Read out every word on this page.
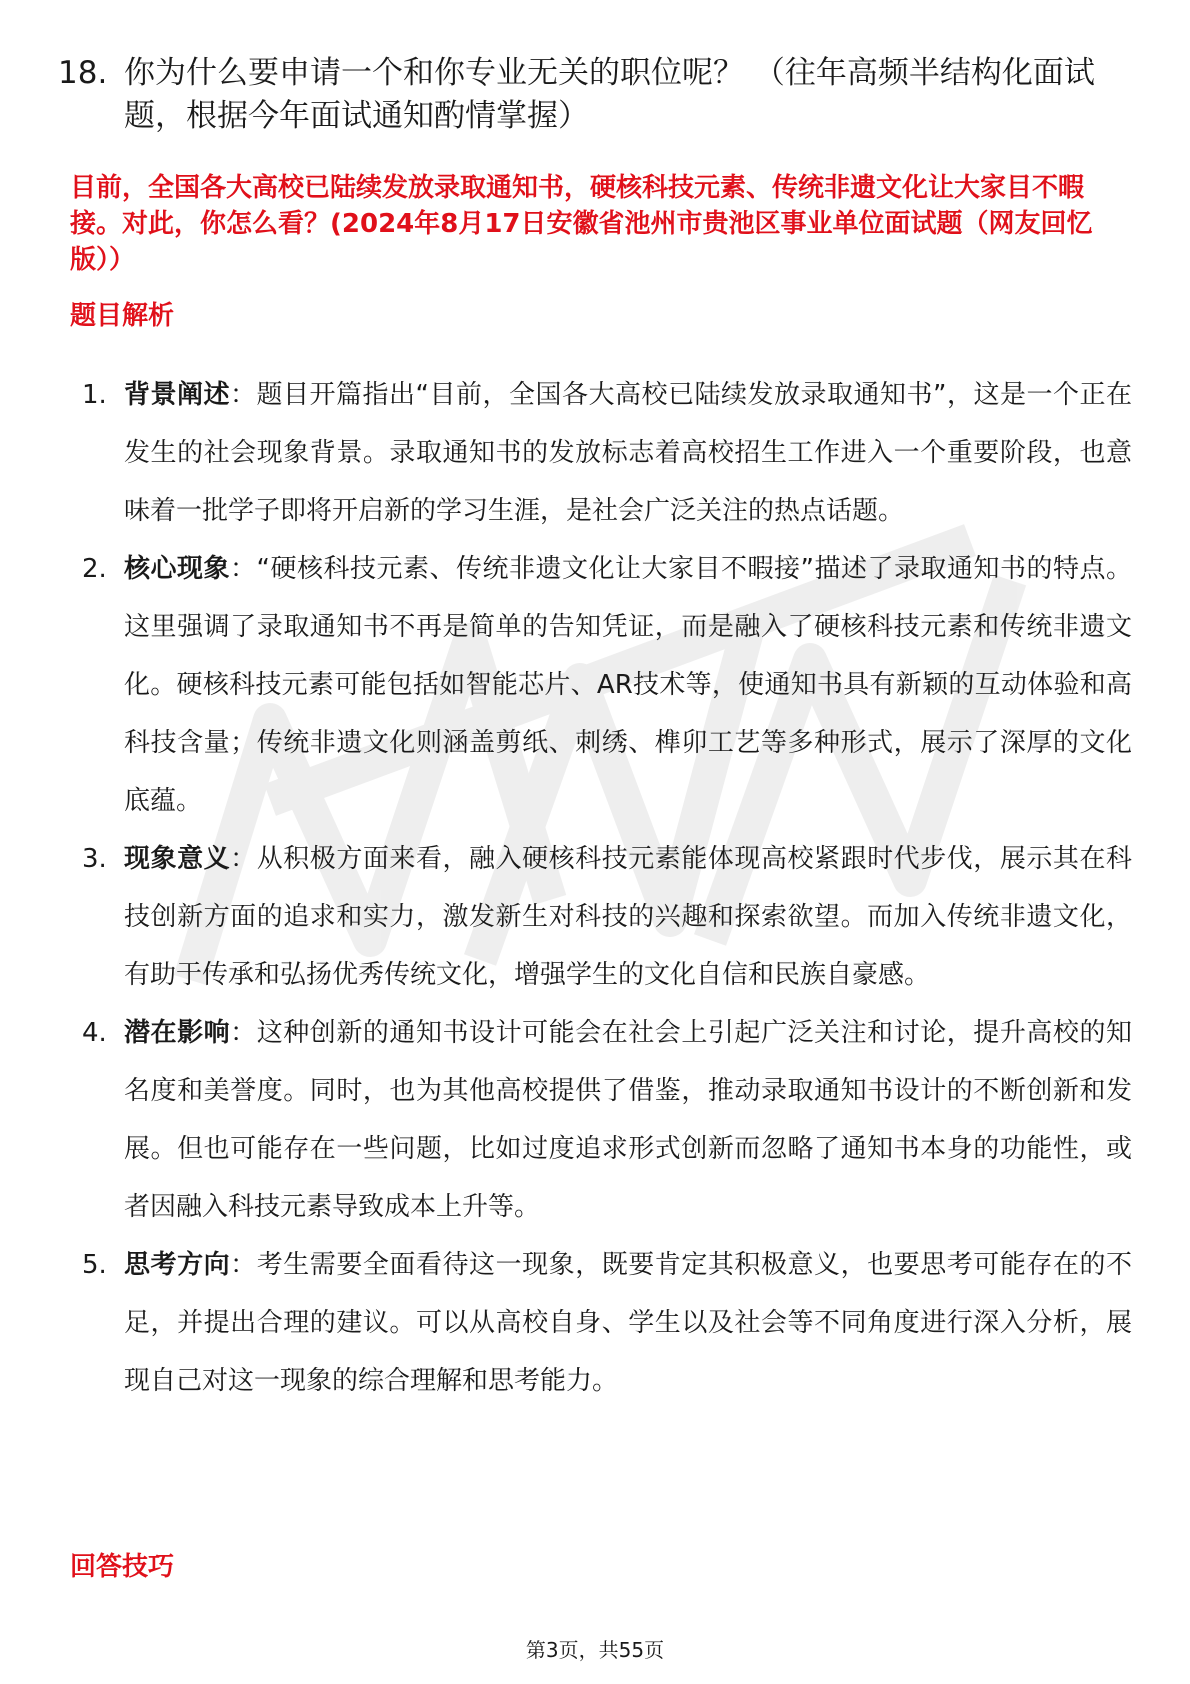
18. 你为什么要申请一个和你专业无关的职位呢？ （往年高频半结构化面试题，根据今年面试通知酌情掌握）
目前，全国各大高校已陆续发放录取通知书，硬核科技元素、传统非遗文化让大家目不暇接。对此，你怎么看？(2024年8月17日安徽省池州市贵池区事业单位面试题（网友回忆版））
题目解析
1. 背景阐述：题目开篇指出“目前，全国各大高校已陆续发放录取通知书”，这是一个正在发生的社会现象背景。录取通知书的发放标志着高校招生工作进入一个重要阶段，也意味着一批学子即将开启新的学习生涯，是社会广泛关注的热点话题。
2. 核心现象：“硬核科技元素、传统非遗文化让大家目不暇接”描述了录取通知书的特点。这里强调了录取通知书不再是简单的告知凭证，而是融入了硬核科技元素和传统非遗文化。硬核科技元素可能包括如智能芯片、AR技术等，使通知书具有新颖的互动体验和高科技含量；传统非遗文化则涵盖剪纸、刺绣、榫卯工艺等多种形式，展示了深厚的文化底蕴。
3. 现象意义：从积极方面来看，融入硬核科技元素能体现高校紧跟时代步伐，展示其在科技创新方面的追求和实力，激发新生对科技的兴趣和探索欲望。而加入传统非遗文化，有助于传承和弘扬优秀传统文化，增强学生的文化自信和民族自豪感。
4. 潜在影响：这种创新的通知书设计可能会在社会上引起广泛关注和讨论，提升高校的知名度和美誉度。同时，也为其他高校提供了借鉴，推动录取通知书设计的不断创新和发展。但也可能存在一些问题，比如过度追求形式创新而忽略了通知书本身的功能性，或者因融入科技元素导致成本上升等。
5. 思考方向：考生需要全面看待这一现象，既要肯定其积极意义，也要思考可能存在的不足，并提出合理的建议。可以从高校自身、学生以及社会等不同角度进行深入分析，展现自己对这一现象的综合理解和思考能力。
回答技巧
第3页，共55页
